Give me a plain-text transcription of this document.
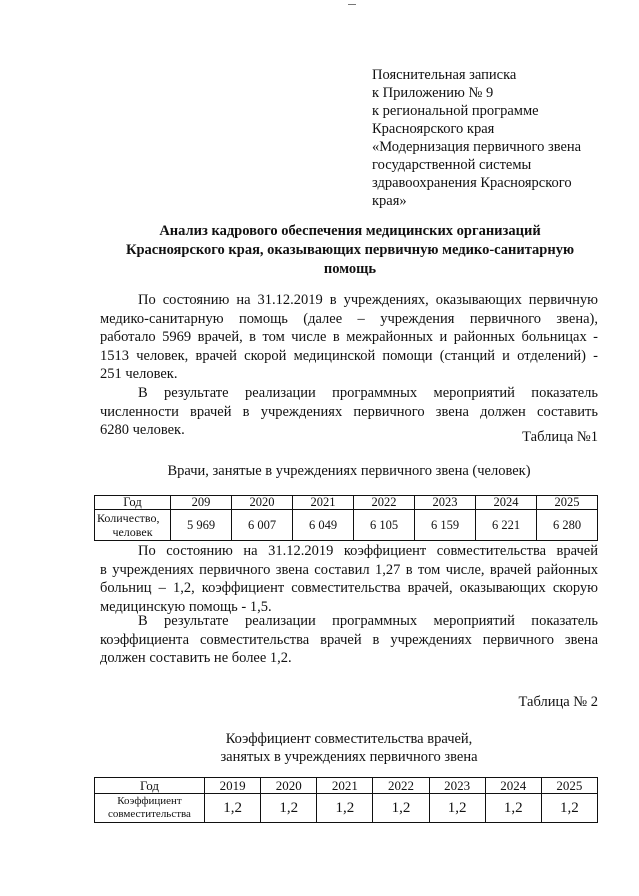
Пояснительная записка
к Приложению № 9
к региональной программе
Красноярского края
«Модернизация первичного звена
государственной системы
здравоохранения Красноярского
края»
Анализ кадрового обеспечения медицинских организаций
Красноярского края, оказывающих первичную медико-санитарную
помощь
По состоянию на 31.12.2019 в учреждениях, оказывающих первичную
медико-санитарную помощь (далее – учреждения первичного звена),
работало 5969 врачей, в том числе в межрайонных и районных больницах -
1513 человек, врачей скорой медицинской помощи (станций и отделений) -
251 человек.
В результате реализации программных мероприятий показатель
численности врачей в учреждениях первичного звена должен составить
6280 человек.	Таблица №1
Врачи, занятые в учреждениях первичного звена (человек)
Год	209	2020	2021	2022	2023	2024	2025

Количество,
человек	5 969	6 007	6 049	6 105	6 159	6 221	6 280
По состоянию на 31.12.2019 коэффициент совместительства врачей
в учреждениях первичного звена составил 1,27 в том числе, врачей районных
больниц – 1,2, коэффициент совместительства врачей, оказывающих скорую
медицинскую помощь - 1,5.
В результате реализации программных мероприятий показатель
коэффициента совместительства врачей в учреждениях первичного звена
должен составить не более 1,2.
Таблица № 2
Коэффициент совместительства врачей,
занятых в учреждениях первичного звена
Год	2019	2020	2021	2022	2023	2024	2025

Коэффициент
совместительства	1,2	1,2	1,2	1,2	1,2	1,2	1,2
